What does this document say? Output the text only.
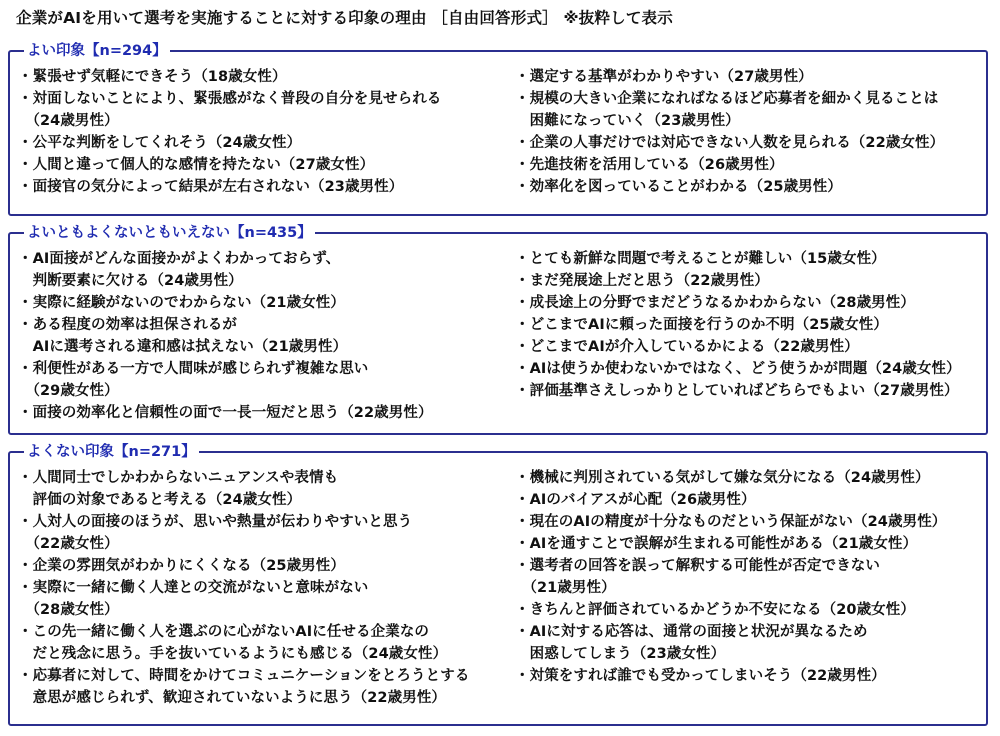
企業がAIを用いて選考を実施することに対する印象の理由 ［自由回答形式］ ※抜粋して表示
よい印象【n=294】
・緊張せず気軽にできそう（18歳女性）
・対面しないことにより、緊張感がなく普段の自分を見せられる
　（24歳男性）
・公平な判断をしてくれそう（24歳女性）
・人間と違って個人的な感情を持たない（27歳女性）
・面接官の気分によって結果が左右されない（23歳男性）
・選定する基準がわかりやすい（27歳男性）
・規模の大きい企業になればなるほど応募者を細かく見ることは
　困難になっていく（23歳男性）
・企業の人事だけでは対応できない人数を見られる（22歳女性）
・先進技術を活用している（26歳男性）
・効率化を図っていることがわかる（25歳男性）
よいともよくないともいえない【n=435】
・AI面接がどんな面接かがよくわかっておらず、
　判断要素に欠ける（24歳男性）
・実際に経験がないのでわからない（21歳女性）
・ある程度の効率は担保されるが
　AIに選考される違和感は拭えない（21歳男性）
・利便性がある一方で人間味が感じられず複雑な思い
　（29歳女性）
・面接の効率化と信頼性の面で一長一短だと思う（22歳男性）
・とても新鮮な問題で考えることが難しい（15歳女性）
・まだ発展途上だと思う（22歳男性）
・成長途上の分野でまだどうなるかわからない（28歳男性）
・どこまでAIに頼った面接を行うのか不明（25歳女性）
・どこまでAIが介入しているかによる（22歳男性）
・AIは使うか使わないかではなく、どう使うかが問題（24歳女性）
・評価基準さえしっかりとしていればどちらでもよい（27歳男性）
よくない印象【n=271】
・人間同士でしかわからないニュアンスや表情も
　評価の対象であると考える（24歳女性）
・人対人の面接のほうが、思いや熱量が伝わりやすいと思う
　（22歳女性）
・企業の雰囲気がわかりにくくなる（25歳男性）
・実際に一緒に働く人達との交流がないと意味がない
　（28歳女性）
・この先一緒に働く人を選ぶのに心がないAIに任せる企業なの
　だと残念に思う。手を抜いているようにも感じる（24歳女性）
・応募者に対して、時間をかけてコミュニケーションをとろうとする
　意思が感じられず、歓迎されていないように思う（22歳男性）
・機械に判別されている気がして嫌な気分になる（24歳男性）
・AIのバイアスが心配（26歳男性）
・現在のAIの精度が十分なものだという保証がない（24歳男性）
・AIを通すことで誤解が生まれる可能性がある（21歳女性）
・選考者の回答を誤って解釈する可能性が否定できない
　（21歳男性）
・きちんと評価されているかどうか不安になる（20歳女性）
・AIに対する応答は、通常の面接と状況が異なるため
　困惑してしまう（23歳女性）
・対策をすれば誰でも受かってしまいそう（22歳男性）
